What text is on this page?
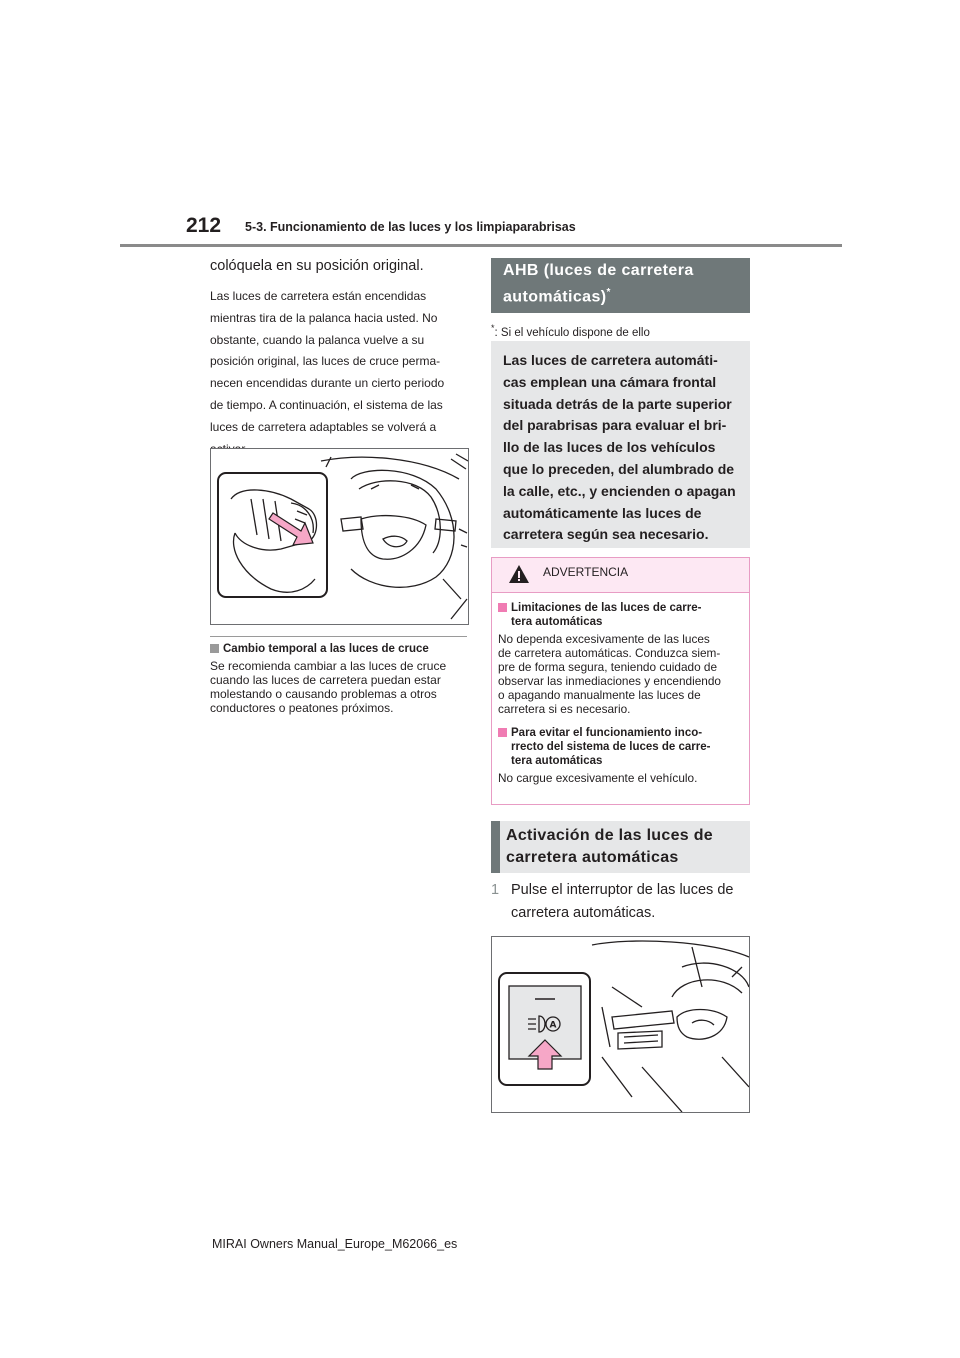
212 5-3. Funcionamiento de las luces y los limpiaparabrisas

colóquela en su posición original.

Las luces de carretera están encendidas
mientras tira de la palanca hacia usted. No
obstante, cuando la palanca vuelve a su
posición original, las luces de cruce perma-
necen encendidas durante un cierto periodo
de tiempo. A continuación, el sistema de las
luces de carretera adaptables se volverá a

Cambio temporal a las luces de cruce

Se recomienda cambiar a las luces de cruce
cuando las luces de carretera puedan estar
molestando o causando problemas a otros
conductores o peatones próximos.

AHB (luces de carretera
automáticas)*
*: Si el vehículo dispone de ello

Las luces de carretera automáti-
cas emplean una cámara frontal
situada detrás de la parte superior
del parabrisas para evaluar el bri-
llo de las luces de los vehículos
que lo preceden, del alumbrado de
la calle, etc., y encienden o apagan
automáticamente las luces de
carretera según sea necesario.

ADVERTENCIA
Limitaciones de las luces de carre-
tera automáticas

No dependa excesivamente de las luces
de carretera automáticas. Conduzca siem-
pre de forma segura, teniendo cuidado de
observar las inmediaciones y encendiendo
o apagando manualmente las luces de
carretera si es necesario.

Para evitar el funcionamiento inco-
rrecto del sistema de luces de carre-
tera automáticas

No cargue excesivamente el vehículo.

Activación de las luces de
carretera automáticas
1 Pulse el interruptor de las luces de
carretera automáticas.
A
MIRAI Owners Manual_Europe_M62066_es
